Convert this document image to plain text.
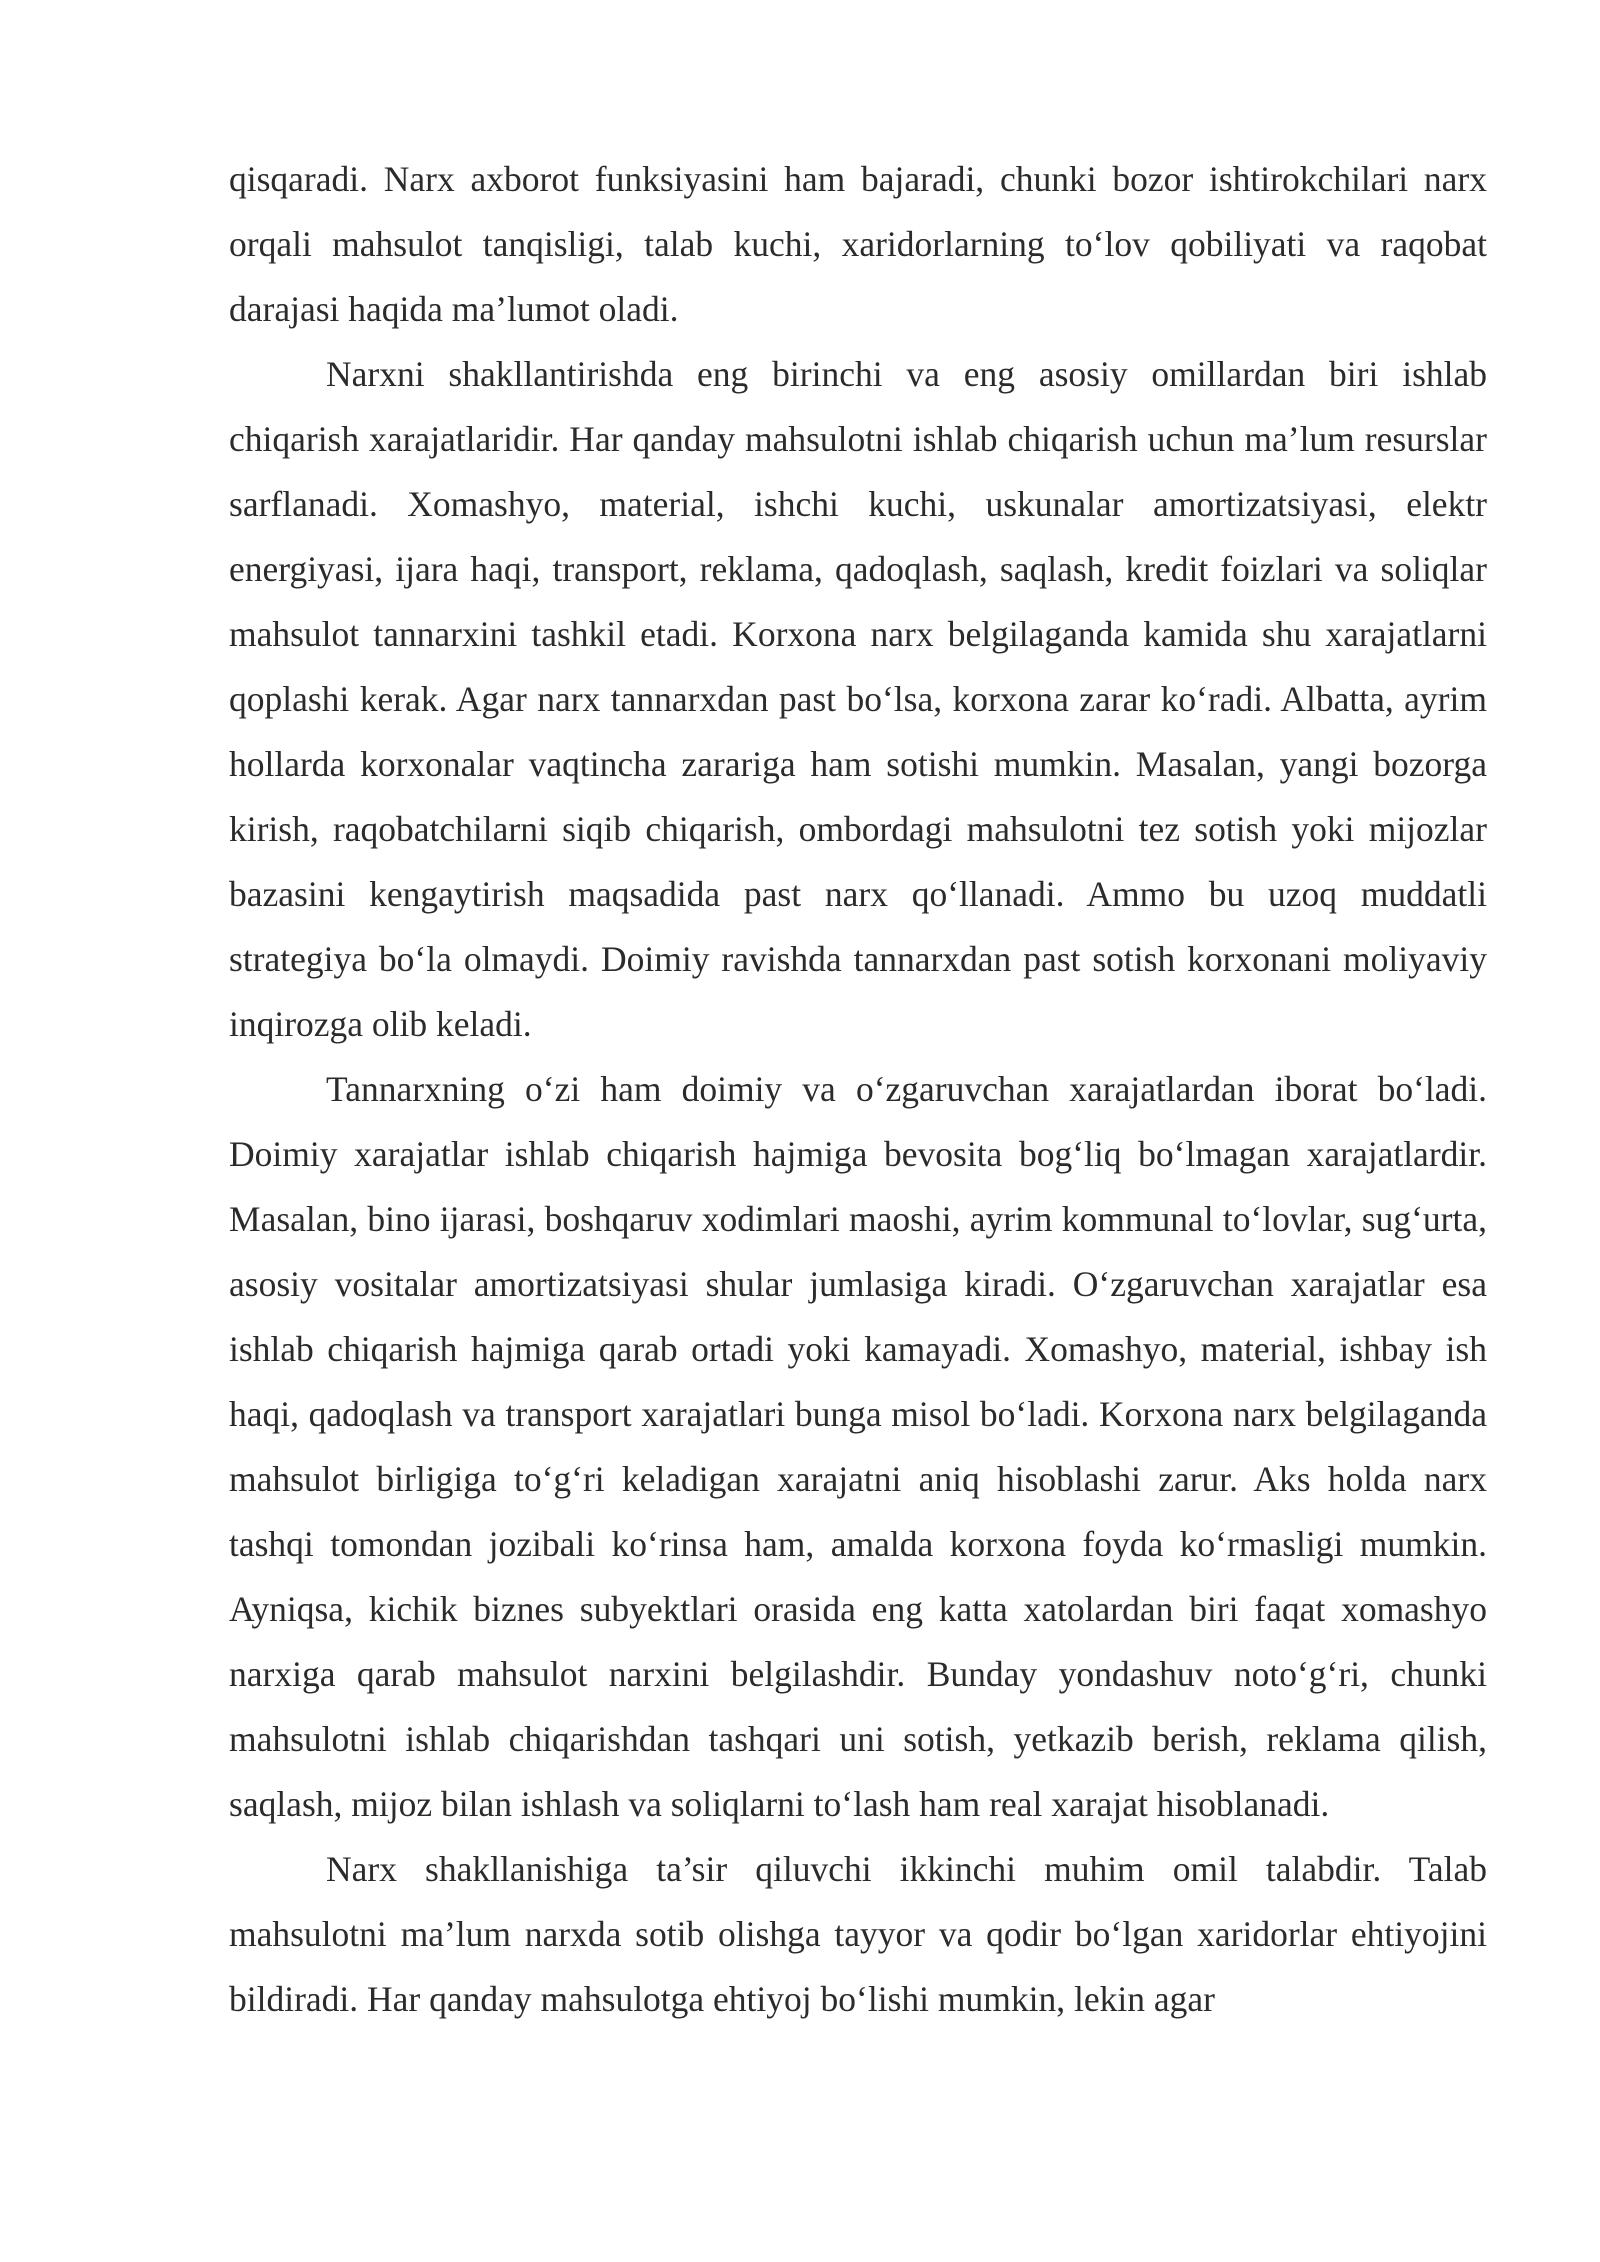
qisqaradi. Narx axborot funksiyasini ham bajaradi, chunki bozor ishtirokchilari narx orqali mahsulot tanqisligi, talab kuchi, xaridorlarning to‘lov qobiliyati va raqobat darajasi haqida ma’lumot oladi.

Narxni shakllantirishda eng birinchi va eng asosiy omillardan biri ishlab chiqarish xarajatlaridir. Har qanday mahsulotni ishlab chiqarish uchun ma’lum resurslar sarflanadi. Xomashyo, material, ishchi kuchi, uskunalar amortizatsiyasi, elektr energiyasi, ijara haqi, transport, reklama, qadoqlash, saqlash, kredit foizlari va soliqlar mahsulot tannarxini tashkil etadi. Korxona narx belgilaganda kamida shu xarajatlarni qoplashi kerak. Agar narx tannarxdan past bo‘lsa, korxona zarar ko‘radi. Albatta, ayrim hollarda korxonalar vaqtincha zarariga ham sotishi mumkin. Masalan, yangi bozorga kirish, raqobatchilarni siqib chiqarish, ombordagi mahsulotni tez sotish yoki mijozlar bazasini kengaytirish maqsadida past narx qo‘llanadi. Ammo bu uzoq muddatli strategiya bo‘la olmaydi. Doimiy ravishda tannarxdan past sotish korxonani moliyaviy inqirozga olib keladi.

Tannarxning o‘zi ham doimiy va o‘zgaruvchan xarajatlardan iborat bo‘ladi. Doimiy xarajatlar ishlab chiqarish hajmiga bevosita bog‘liq bo‘lmagan xarajatlardir. Masalan, bino ijarasi, boshqaruv xodimlari maoshi, ayrim kommunal to‘lovlar, sug‘urta, asosiy vositalar amortizatsiyasi shular jumlasiga kiradi. O‘zgaruvchan xarajatlar esa ishlab chiqarish hajmiga qarab ortadi yoki kamayadi. Xomashyo, material, ishbay ish haqi, qadoqlash va transport xarajatlari bunga misol bo‘ladi. Korxona narx belgilaganda mahsulot birligiga to‘g‘ri keladigan xarajatni aniq hisoblashi zarur. Aks holda narx tashqi tomondan jozibali ko‘rinsa ham, amalda korxona foyda ko‘rmasligi mumkin. Ayniqsa, kichik biznes subyektlari orasida eng katta xatolardan biri faqat xomashyo narxiga qarab mahsulot narxini belgilashdir. Bunday yondashuv noto‘g‘ri, chunki mahsulotni ishlab chiqarishdan tashqari uni sotish, yetkazib berish, reklama qilish, saqlash, mijoz bilan ishlash va soliqlarni to‘lash ham real xarajat hisoblanadi.

Narx shakllanishiga ta’sir qiluvchi ikkinchi muhim omil talabdir. Talab mahsulotni ma’lum narxda sotib olishga tayyor va qodir bo‘lgan xaridorlar ehtiyojini bildiradi. Har qanday mahsulotga ehtiyoj bo‘lishi mumkin, lekin agar
